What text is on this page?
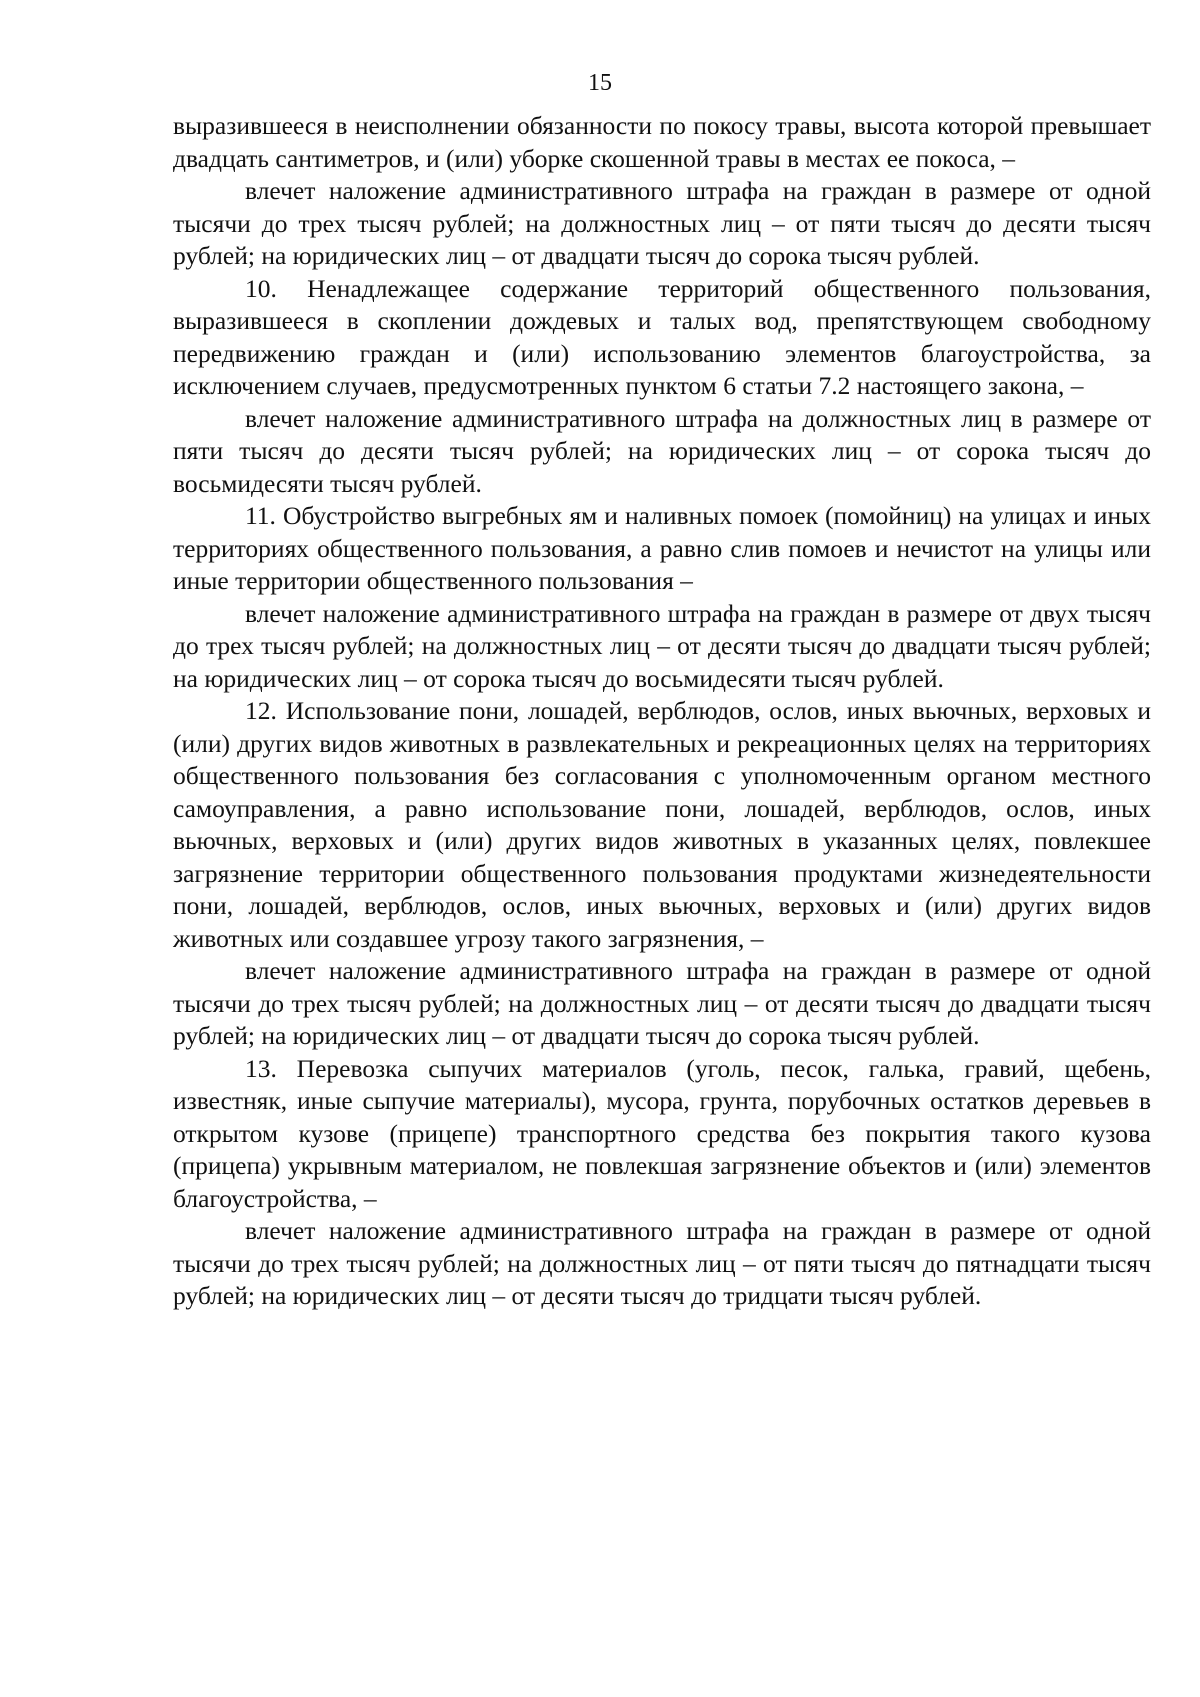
15

выразившееся в неисполнении обязанности по покосу травы, высота которой превышает двадцать сантиметров, и (или) уборке скошенной травы в местах ее покоса, –

влечет наложение административного штрафа на граждан в размере от одной тысячи до трех тысяч рублей; на должностных лиц – от пяти тысяч до десяти тысяч рублей; на юридических лиц – от двадцати тысяч до сорока тысяч рублей.

10. Ненадлежащее содержание территорий общественного пользования, выразившееся в скоплении дождевых и талых вод, препятствующем свободному передвижению граждан и (или) использованию элементов благоустройства, за исключением случаев, предусмотренных пунктом 6 статьи 7.2 настоящего закона, –

влечет наложение административного штрафа на должностных лиц в размере от пяти тысяч до десяти тысяч рублей; на юридических лиц – от сорока тысяч до восьмидесяти тысяч рублей.

11. Обустройство выгребных ям и наливных помоек (помойниц) на улицах и иных территориях общественного пользования, а равно слив помоев и нечистот на улицы или иные территории общественного пользования –

влечет наложение административного штрафа на граждан в размере от двух тысяч до трех тысяч рублей; на должностных лиц – от десяти тысяч до двадцати тысяч рублей; на юридических лиц – от сорока тысяч до восьмидесяти тысяч рублей.

12. Использование пони, лошадей, верблюдов, ослов, иных вьючных, верховых и (или) других видов животных в развлекательных и рекреационных целях на территориях общественного пользования без согласования с уполномоченным органом местного самоуправления, а равно использование пони, лошадей, верблюдов, ослов, иных вьючных, верховых и (или) других видов животных в указанных целях, повлекшее загрязнение территории общественного пользования продуктами жизнедеятельности пони, лошадей, верблюдов, ослов, иных вьючных, верховых и (или) других видов животных или создавшее угрозу такого загрязнения, –

влечет наложение административного штрафа на граждан в размере от одной тысячи до трех тысяч рублей; на должностных лиц – от десяти тысяч до двадцати тысяч рублей; на юридических лиц – от двадцати тысяч до сорока тысяч рублей.

13. Перевозка сыпучих материалов (уголь, песок, галька, гравий, щебень, известняк, иные сыпучие материалы), мусора, грунта, порубочных остатков деревьев в открытом кузове (прицепе) транспортного средства без покрытия такого кузова (прицепа) укрывным материалом, не повлекшая загрязнение объектов и (или) элементов благоустройства, –

влечет наложение административного штрафа на граждан в размере от одной тысячи до трех тысяч рублей; на должностных лиц – от пяти тысяч до пятнадцати тысяч рублей; на юридических лиц – от десяти тысяч до тридцати тысяч рублей.
